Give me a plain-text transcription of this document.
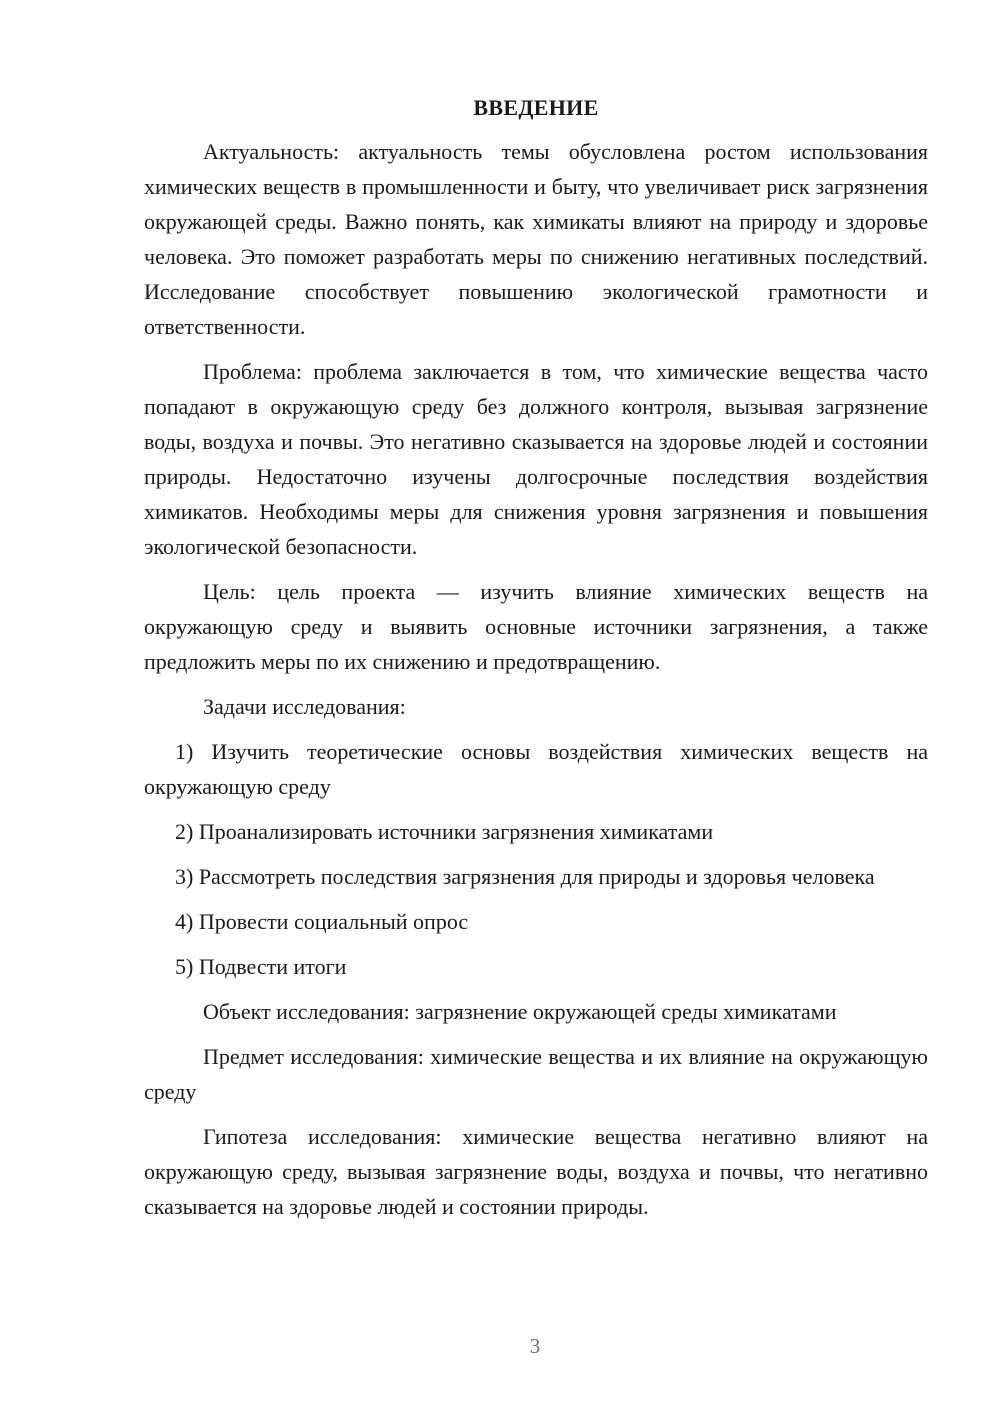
ВВЕДЕНИЕ

Актуальность: актуальность темы обусловлена ростом использования химических веществ в промышленности и быту, что увеличивает риск загрязнения окружающей среды. Важно понять, как химикаты влияют на природу и здоровье человека. Это поможет разработать меры по снижению негативных последствий. Исследование способствует повышению экологической грамотности и ответственности.

Проблема: проблема заключается в том, что химические вещества часто попадают в окружающую среду без должного контроля, вызывая загрязнение воды, воздуха и почвы. Это негативно сказывается на здоровье людей и состоянии природы. Недостаточно изучены долгосрочные последствия воздействия химикатов. Необходимы меры для снижения уровня загрязнения и повышения экологической безопасности.

Цель: цель проекта — изучить влияние химических веществ на окружающую среду и выявить основные источники загрязнения, а также предложить меры по их снижению и предотвращению.

Задачи исследования:

1) Изучить теоретические основы воздействия химических веществ на окружающую среду

2) Проанализировать источники загрязнения химикатами

3) Рассмотреть последствия загрязнения для природы и здоровья человека

4) Провести социальный опрос

5) Подвести итоги

Объект исследования: загрязнение окружающей среды химикатами

Предмет исследования: химические вещества и их влияние на окружающую среду

Гипотеза исследования: химические вещества негативно влияют на окружающую среду, вызывая загрязнение воды, воздуха и почвы, что негативно сказывается на здоровье людей и состоянии природы.

3
